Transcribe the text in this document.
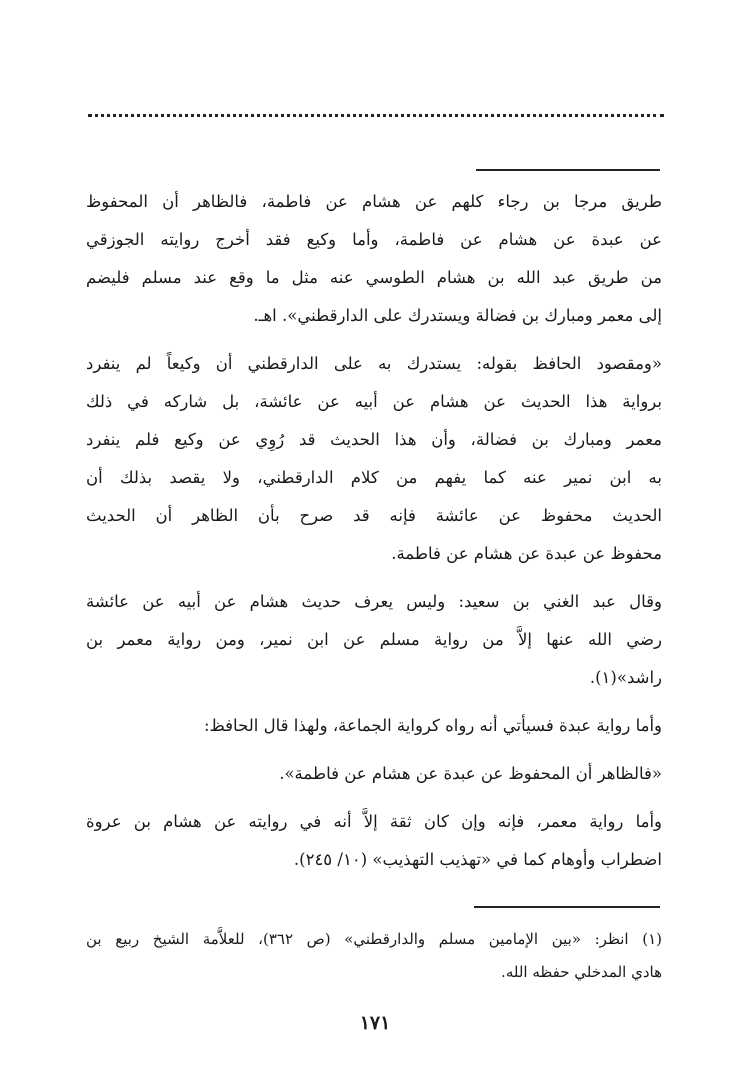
طريق مرجا بن رجاء كلهم عن هشام عن فاطمة، فالظاهر أن المحفوظ
عن عبدة عن هشام عن فاطمة، وأما وكيع فقد أخرج روايته الجوزقي
من طريق عبد الله بن هشام الطوسي عنه مثل ما وقع عند مسلم فليضم
إلى معمر ومبارك بن فضالة ويستدرك على الدارقطني». اهـ.
«ومقصود الحافظ بقوله: يستدرك به على الدارقطني أن وكيعاً لم ينفرد
برواية هذا الحديث عن هشام عن أبيه عن عائشة، بل شاركه في ذلك
معمر ومبارك بن فضالة، وأن هذا الحديث قد رُوِي عن وكيع فلم ينفرد
به ابن نمير عنه كما يفهم من كلام الدارقطني، ولا يقصد بذلك أن
الحديث محفوظ عن عائشة فإنه قد صرح بأن الظاهر أن الحديث
محفوظ عن عبدة عن هشام عن فاطمة.
وقال عبد الغني بن سعيد: وليس يعرف حديث هشام عن أبيه عن عائشة
رضي الله عنها إلاَّ من رواية مسلم عن ابن نمير، ومن رواية معمر بن
راشد»(١).
وأما رواية عبدة فسيأتي أنه رواه كرواية الجماعة، ولهذا قال الحافظ:
«فالظاهر أن المحفوظ عن عبدة عن هشام عن فاطمة».
وأما رواية معمر، فإنه وإن كان ثقة إلاَّ أنه في روايته عن هشام بن عروة
اضطراب وأوهام كما في «تهذيب التهذيب» (١٠/ ٢٤٥).
(١) انظر: «بين الإمامين مسلم والدارقطني» (ص ٣٦٢)، للعلاَّمة الشيخ ربيع بن
هادي المدخلي حفظه الله.
١٧١
